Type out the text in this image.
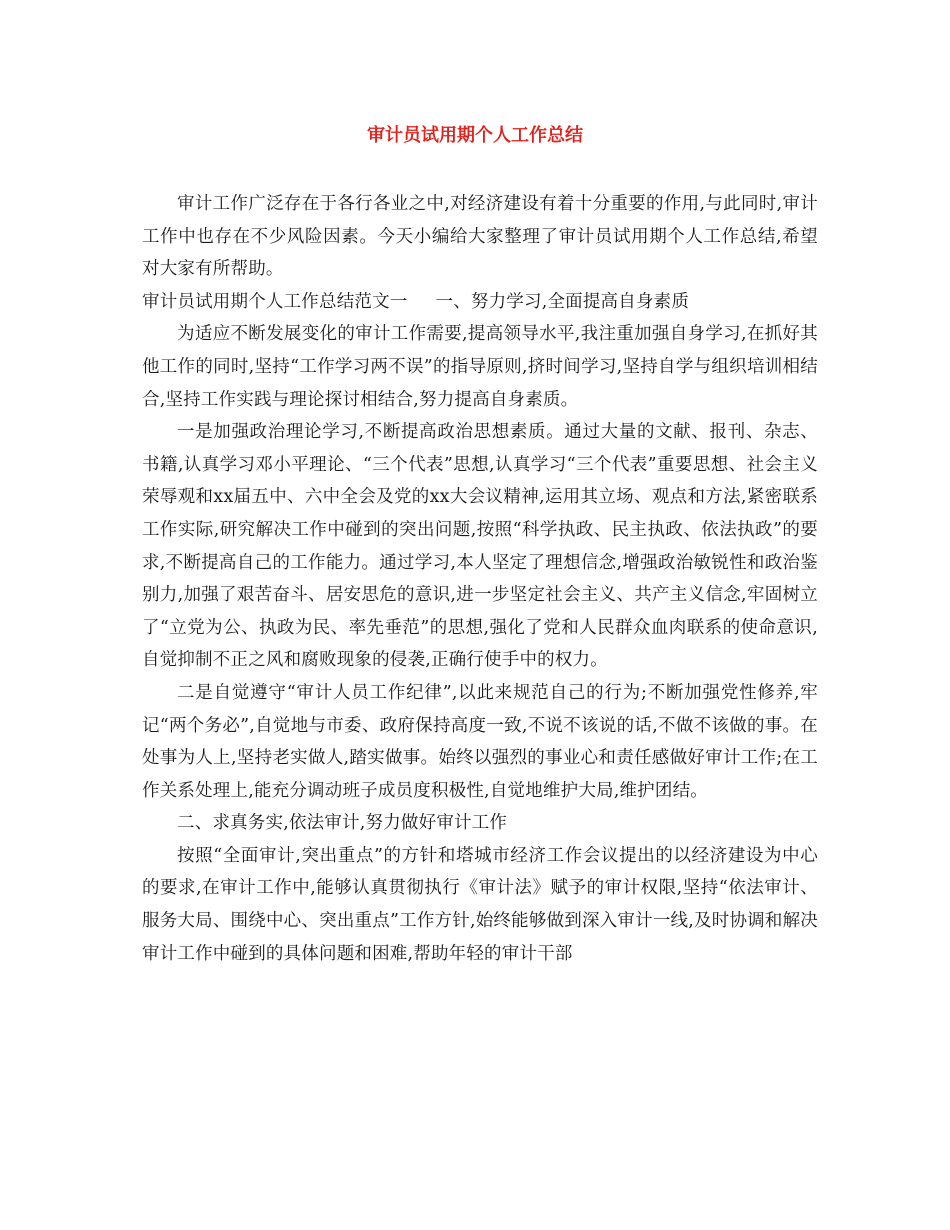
审计员试用期个人工作总结

审计工作广泛存在于各行各业之中,对经济建设有着十分重要的作用,与此同时,审计工作中也存在不少风险因素。今天小编给大家整理了审计员试用期个人工作总结,希望对大家有所帮助。

审计员试用期个人工作总结范文一 一、努力学习,全面提高自身素质

为适应不断发展变化的审计工作需要,提高领导水平,我注重加强自身学习,在抓好其他工作的同时,坚持“工作学习两不误”的指导原则,挤时间学习,坚持自学与组织培训相结合,坚持工作实践与理论探讨相结合,努力提高自身素质。

一是加强政治理论学习,不断提高政治思想素质。通过大量的文献、报刊、杂志、书籍,认真学习邓小平理论、“三个代表”思想,认真学习“三个代表”重要思想、社会主义荣辱观和xx届五中、六中全会及党的xx大会议精神,运用其立场、观点和方法,紧密联系工作实际,研究解决工作中碰到的突出问题,按照“科学执政、民主执政、依法执政”的要求,不断提高自己的工作能力。通过学习,本人坚定了理想信念,增强政治敏锐性和政治鉴别力,加强了艰苦奋斗、居安思危的意识,进一步坚定社会主义、共产主义信念,牢固树立了“立党为公、执政为民、率先垂范”的思想,强化了党和人民群众血肉联系的使命意识,自觉抑制不正之风和腐败现象的侵袭,正确行使手中的权力。

二是自觉遵守“审计人员工作纪律”,以此来规范自己的行为;不断加强党性修养,牢记“两个务必”,自觉地与市委、政府保持高度一致,不说不该说的话,不做不该做的事。在处事为人上,坚持老实做人,踏实做事。始终以强烈的事业心和责任感做好审计工作;在工作关系处理上,能充分调动班子成员度积极性,自觉地维护大局,维护团结。

二、求真务实,依法审计,努力做好审计工作

按照“全面审计,突出重点”的方针和塔城市经济工作会议提出的以经济建设为中心的要求,在审计工作中,能够认真贯彻执行《审计法》赋予的审计权限,坚持“依法审计、服务大局、围绕中心、突出重点”工作方针,始终能够做到深入审计一线,及时协调和解决审计工作中碰到的具体问题和困难,帮助年轻的审计干部
